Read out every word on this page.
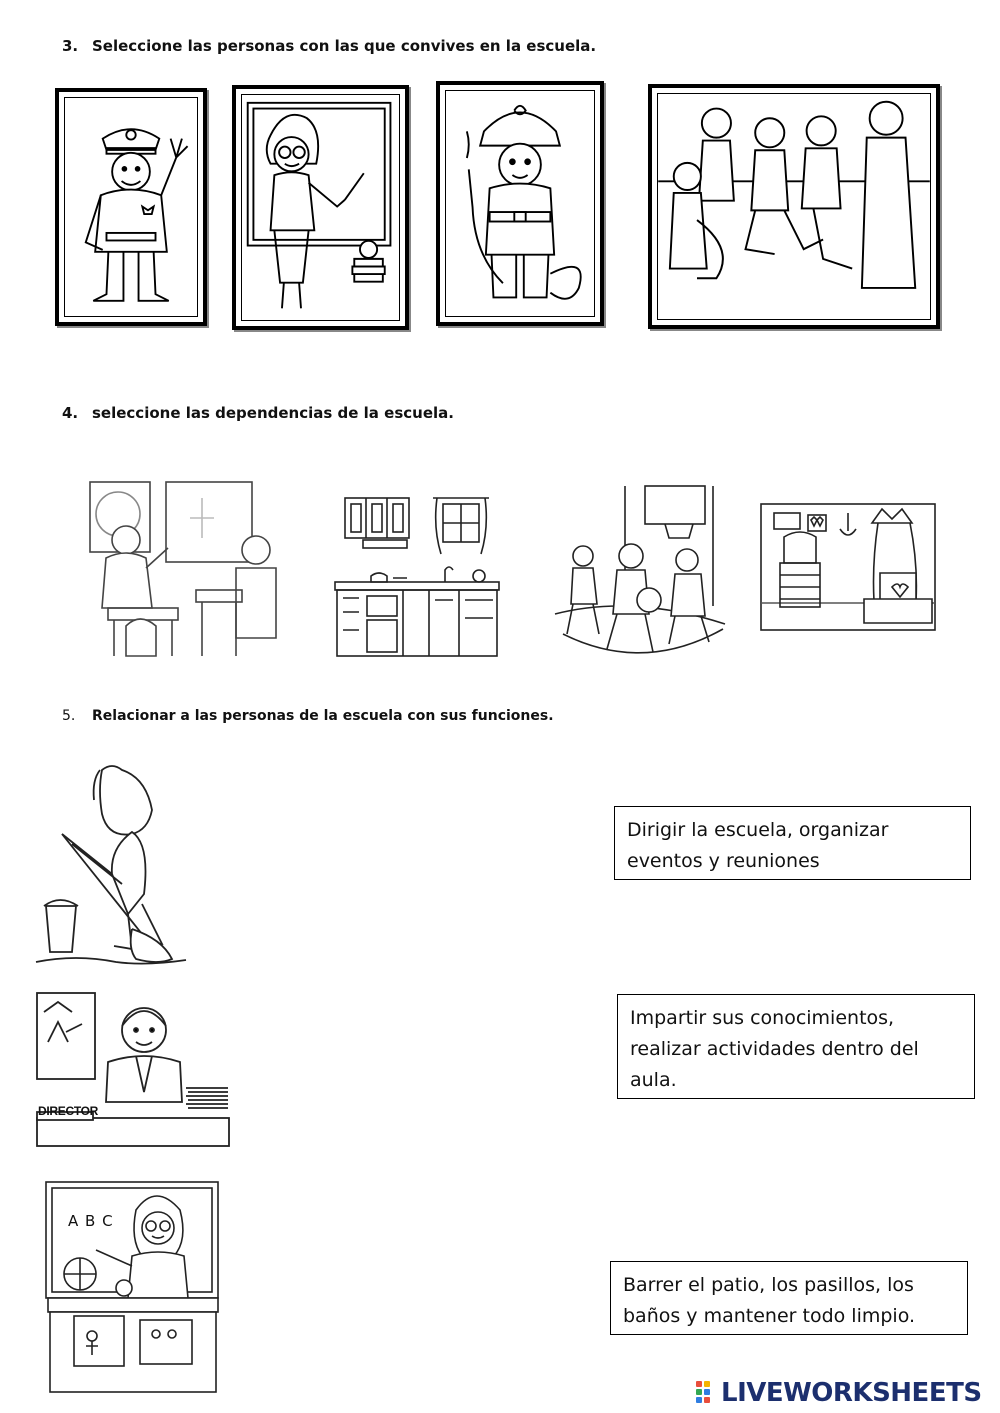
3. Seleccione las personas con las que convives en la escuela.
4. seleccione las dependencias de la escuela.
5. Relacionar a las personas de la escuela con sus funciones.
DIRECTOR
A B C
Dirigir la escuela, organizar eventos y reuniones
Impartir sus conocimientos, realizar actividades dentro del aula.
Barrer el patio, los pasillos, los baños y mantener todo limpio.
LIVEWORKSHEETS
